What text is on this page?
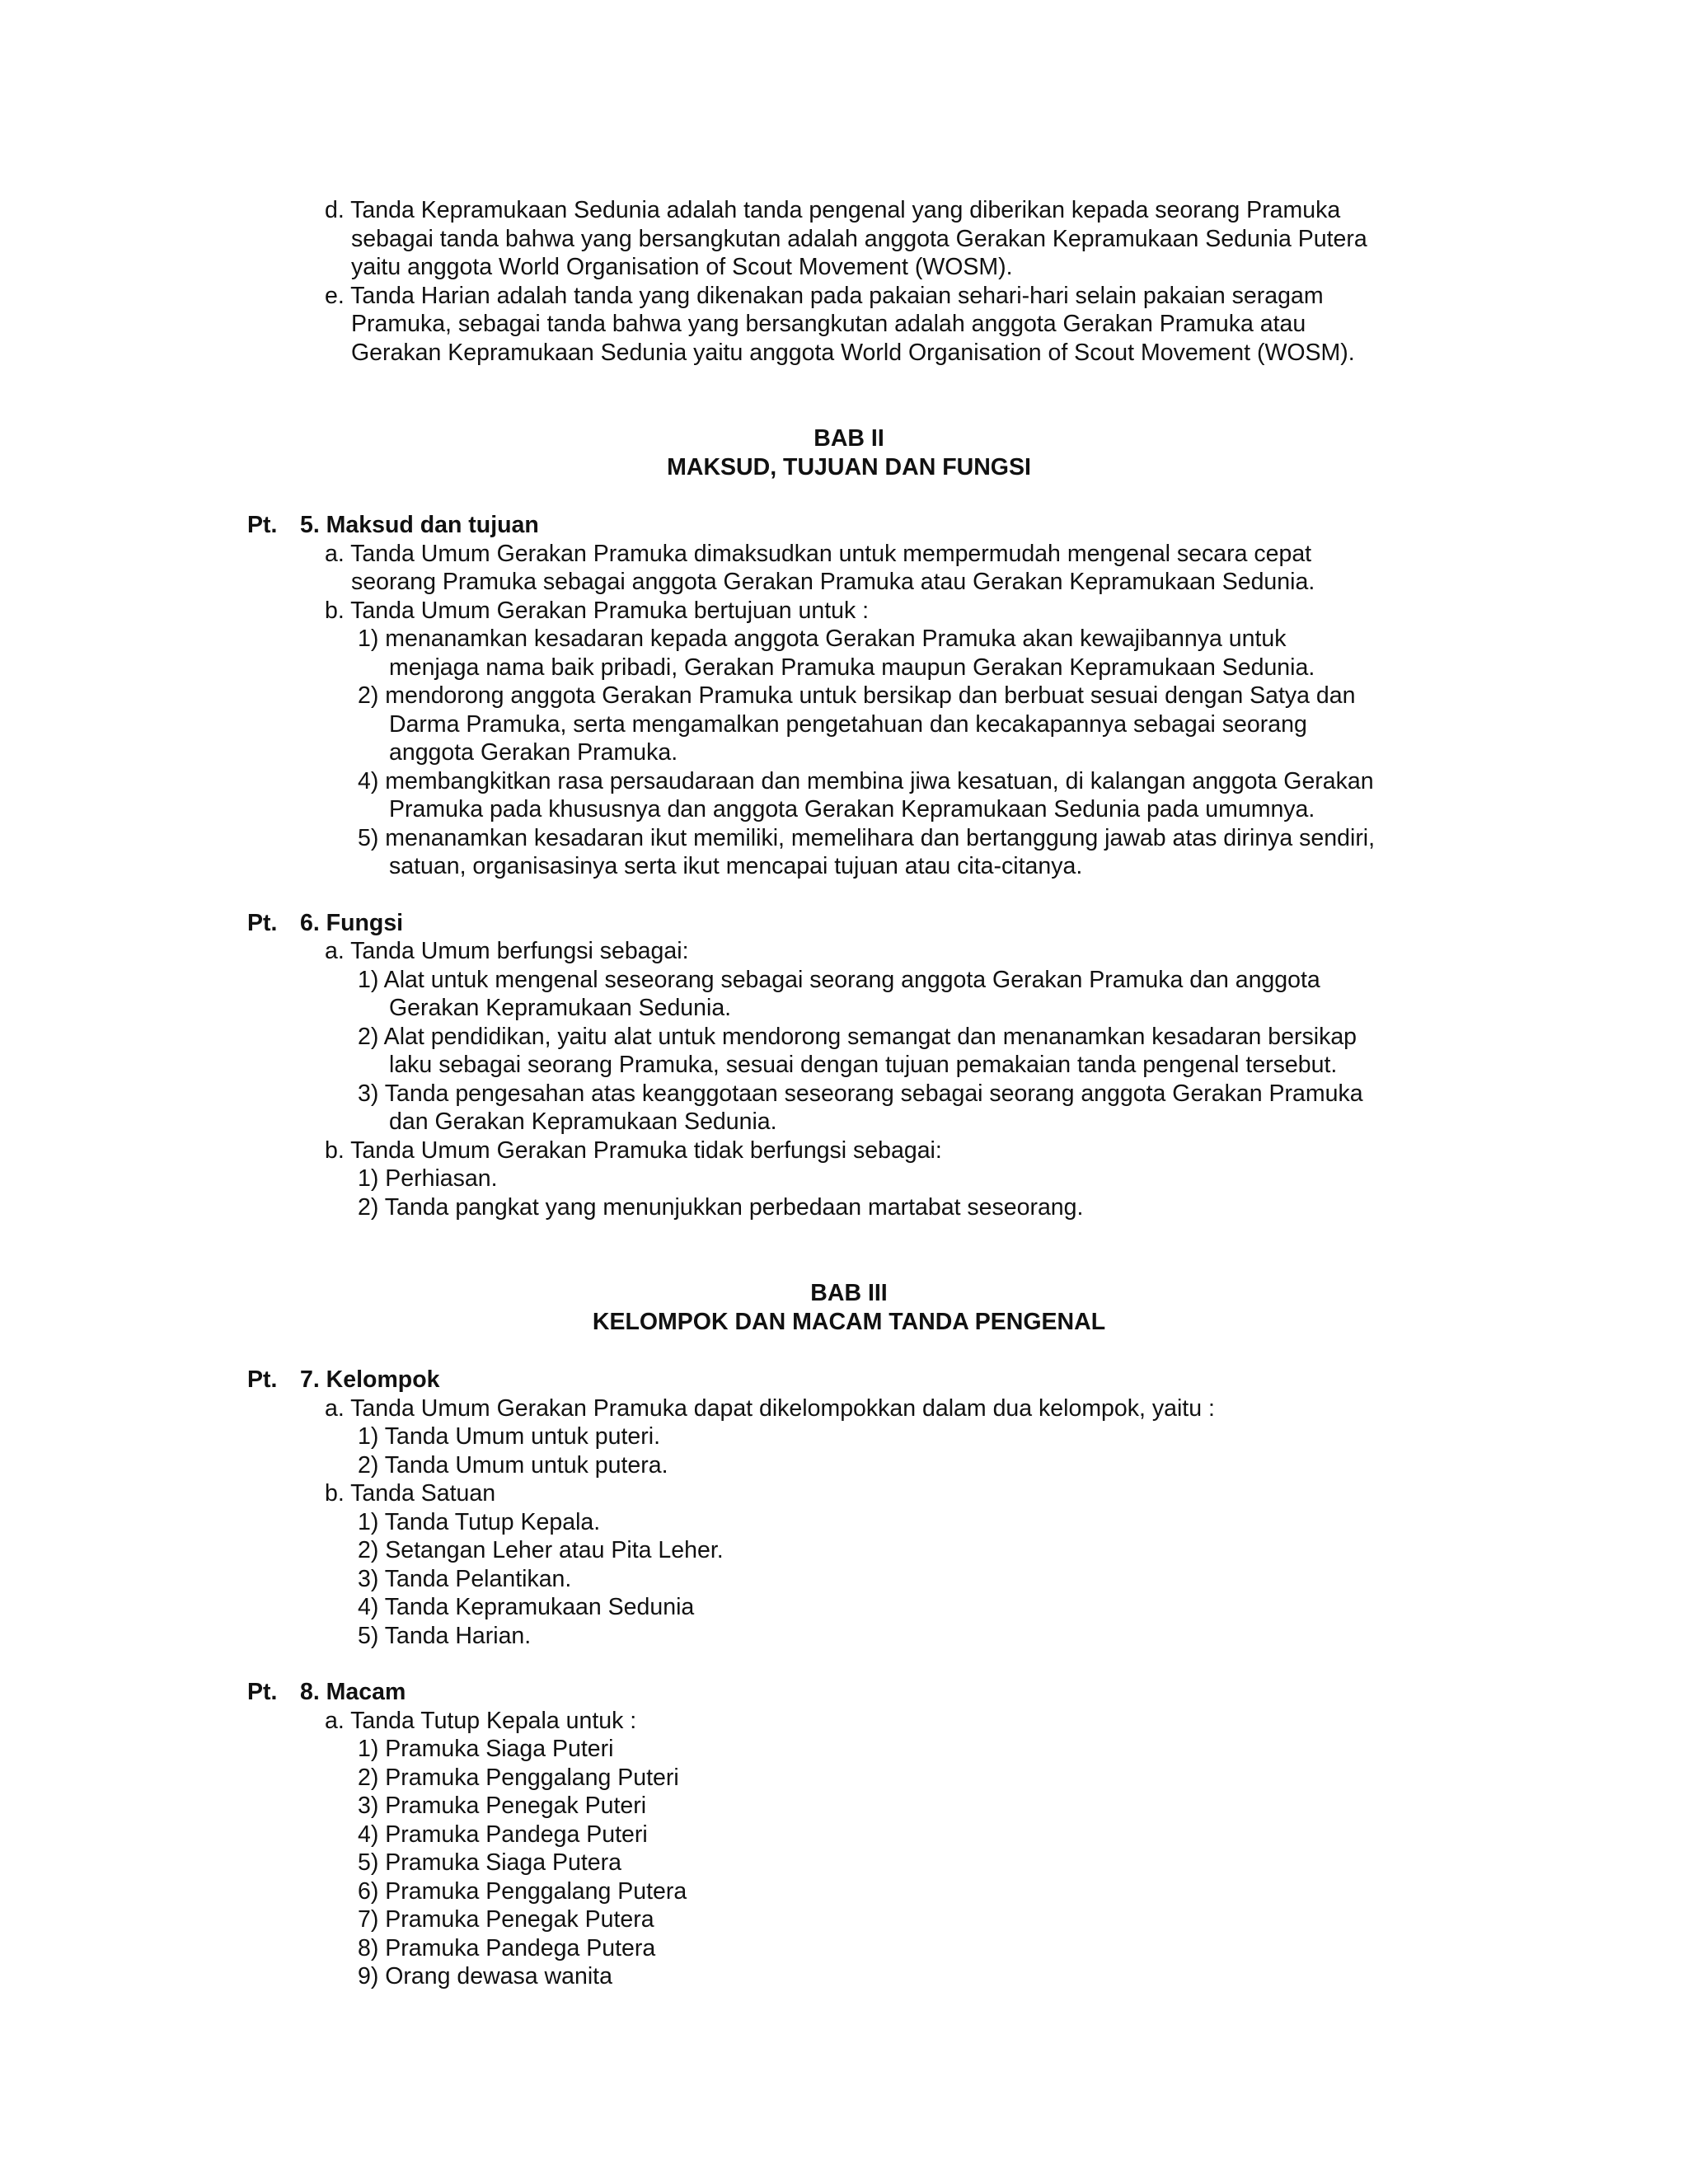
d. Tanda Kepramukaan Sedunia adalah tanda pengenal yang diberikan kepada seorang Pramuka
sebagai tanda bahwa yang bersangkutan adalah anggota Gerakan Kepramukaan Sedunia Putera
yaitu anggota World Organisation of Scout Movement (WOSM).
e. Tanda Harian adalah tanda yang dikenakan pada pakaian sehari-hari selain pakaian seragam
Pramuka, sebagai tanda bahwa yang bersangkutan adalah anggota Gerakan Pramuka atau
Gerakan Kepramukaan Sedunia yaitu anggota World Organisation of Scout Movement (WOSM).
BAB II
MAKSUD, TUJUAN DAN FUNGSI
Pt. 5. Maksud dan tujuan
a. Tanda Umum Gerakan Pramuka dimaksudkan untuk mempermudah mengenal secara cepat
seorang Pramuka sebagai anggota Gerakan Pramuka atau Gerakan Kepramukaan Sedunia.
b. Tanda Umum Gerakan Pramuka bertujuan untuk :
1) menanamkan kesadaran kepada anggota Gerakan Pramuka akan kewajibannya untuk
menjaga nama baik pribadi, Gerakan Pramuka maupun Gerakan Kepramukaan Sedunia.
2) mendorong anggota Gerakan Pramuka untuk bersikap dan berbuat sesuai dengan Satya dan
Darma Pramuka, serta mengamalkan pengetahuan dan kecakapannya sebagai seorang
anggota Gerakan Pramuka.
4) membangkitkan rasa persaudaraan dan membina jiwa kesatuan, di kalangan anggota Gerakan
Pramuka pada khususnya dan anggota Gerakan Kepramukaan Sedunia pada umumnya.
5) menanamkan kesadaran ikut memiliki, memelihara dan bertanggung jawab atas dirinya sendiri,
satuan, organisasinya serta ikut mencapai tujuan atau cita-citanya.
Pt. 6. Fungsi
a. Tanda Umum berfungsi sebagai:
1) Alat untuk mengenal seseorang sebagai seorang anggota Gerakan Pramuka dan anggota
Gerakan Kepramukaan Sedunia.
2) Alat pendidikan, yaitu alat untuk mendorong semangat dan menanamkan kesadaran bersikap
laku sebagai seorang Pramuka, sesuai dengan tujuan pemakaian tanda pengenal tersebut.
3) Tanda pengesahan atas keanggotaan seseorang sebagai seorang anggota Gerakan Pramuka
dan Gerakan Kepramukaan Sedunia.
b. Tanda Umum Gerakan Pramuka tidak berfungsi sebagai:
1) Perhiasan.
2) Tanda pangkat yang menunjukkan perbedaan martabat seseorang.
BAB III
KELOMPOK DAN MACAM TANDA PENGENAL
Pt. 7. Kelompok
a. Tanda Umum Gerakan Pramuka dapat dikelompokkan dalam dua kelompok, yaitu :
1) Tanda Umum untuk puteri.
2) Tanda Umum untuk putera.
b. Tanda Satuan
1) Tanda Tutup Kepala.
2) Setangan Leher atau Pita Leher.
3) Tanda Pelantikan.
4) Tanda Kepramukaan Sedunia
5) Tanda Harian.
Pt. 8. Macam
a. Tanda Tutup Kepala untuk :
1) Pramuka Siaga Puteri
2) Pramuka Penggalang Puteri
3) Pramuka Penegak Puteri
4) Pramuka Pandega Puteri
5) Pramuka Siaga Putera
6) Pramuka Penggalang Putera
7) Pramuka Penegak Putera
8) Pramuka Pandega Putera
9) Orang dewasa wanita
